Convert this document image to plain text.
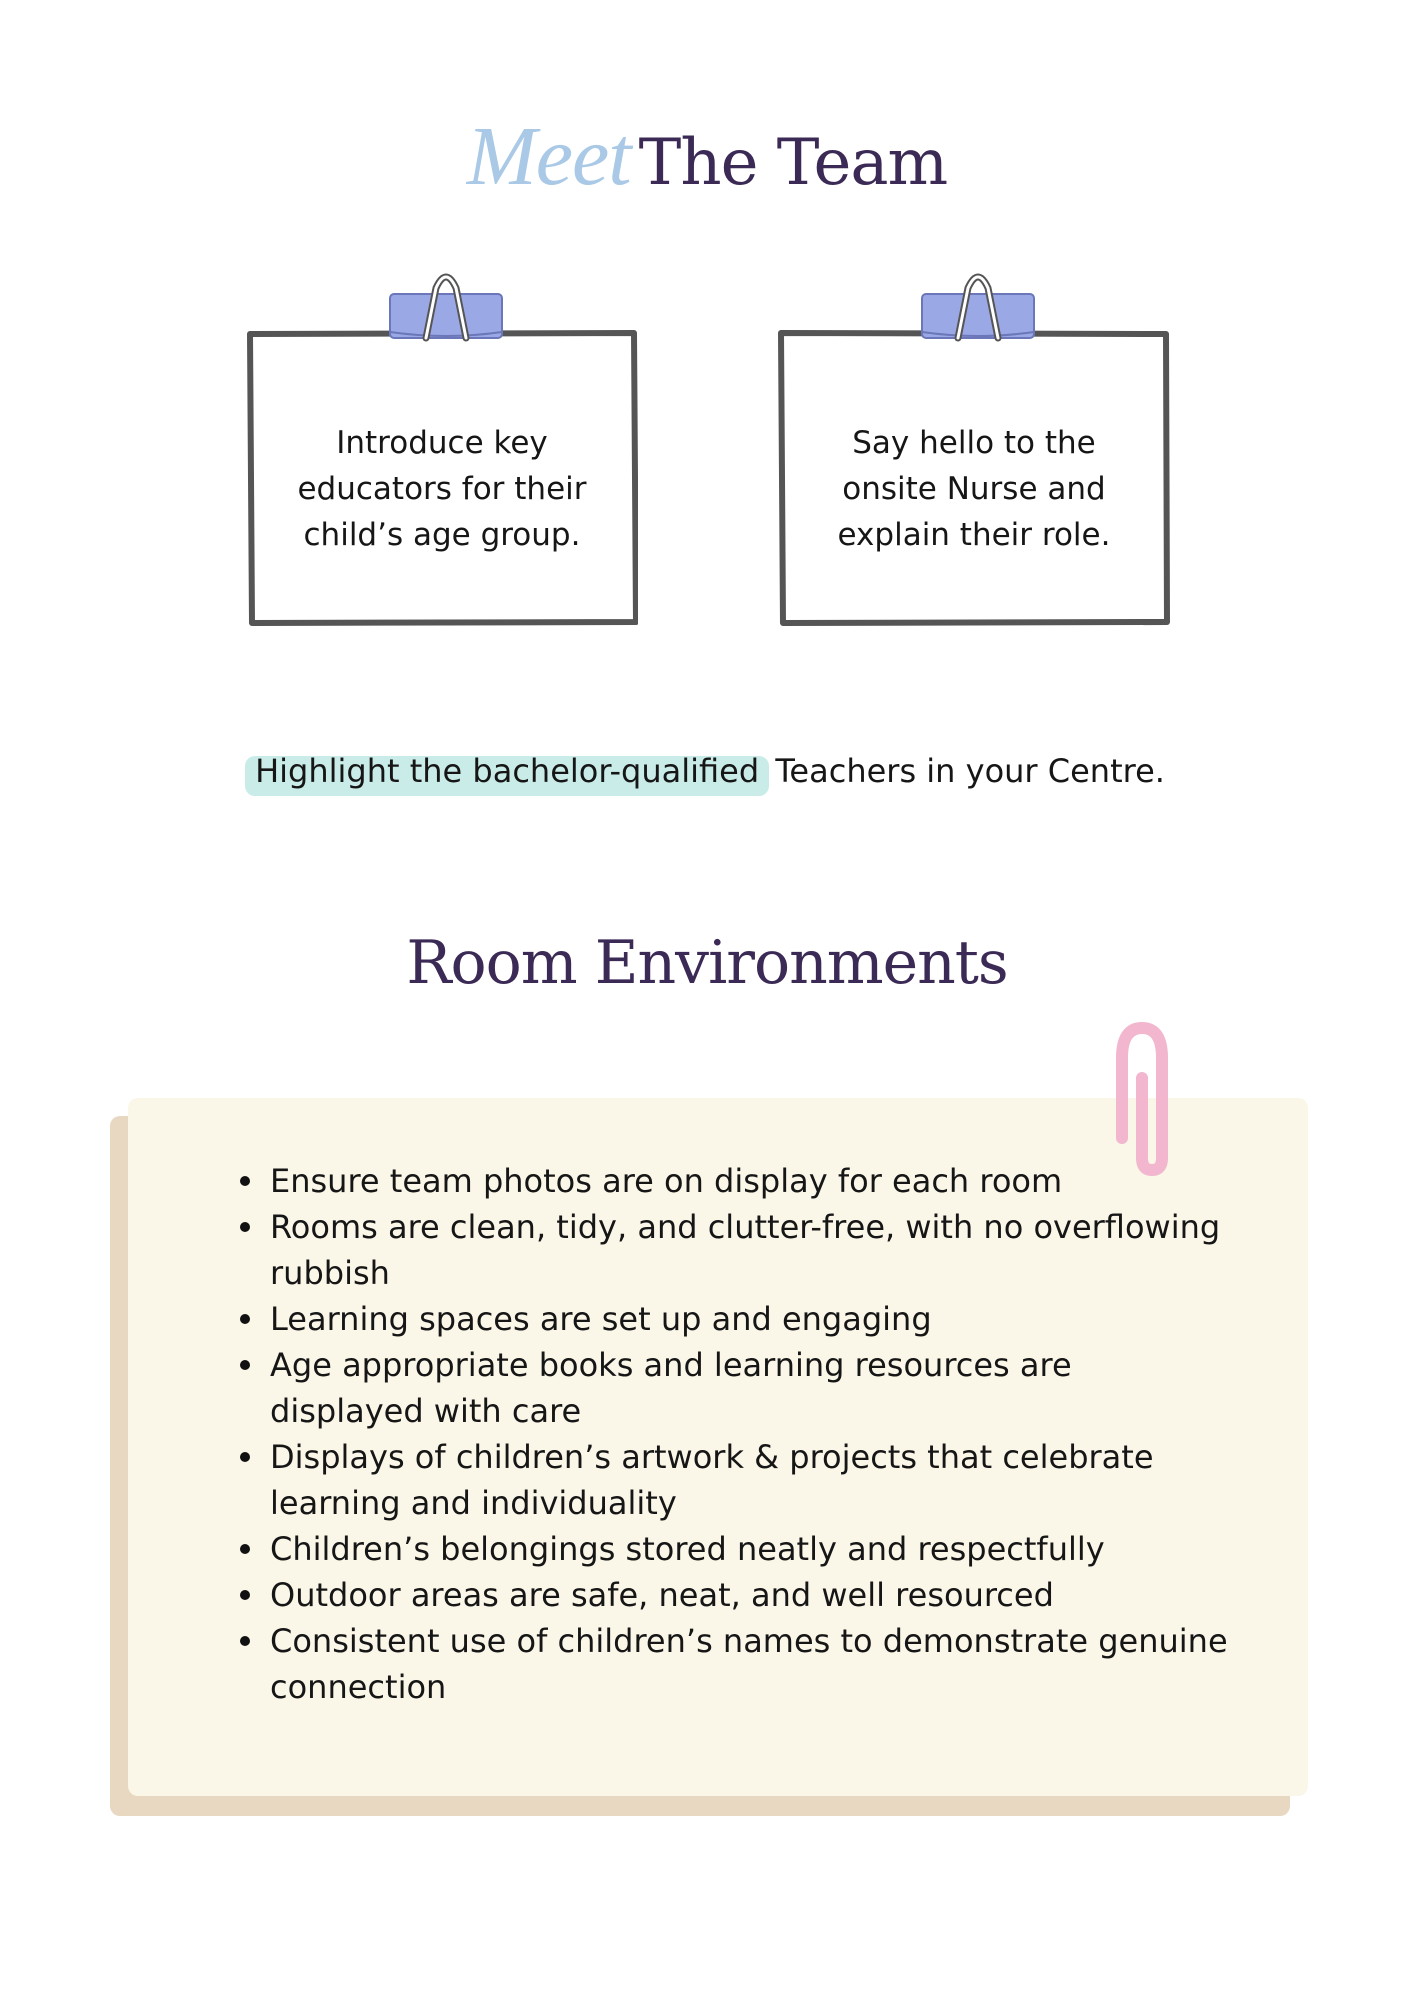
Meet The Team
Introduce key educators for their child’s age group.
Say hello to the onsite Nurse and explain their role.
Highlight the bachelor-qualified Teachers in your Centre.
Room Environments
Ensure team photos are on display for each room
Rooms are clean, tidy, and clutter-free, with no overflowing rubbish
Learning spaces are set up and engaging
Age appropriate books and learning resources are displayed with care
Displays of children’s artwork & projects that celebrate learning and individuality
Children’s belongings stored neatly and respectfully
Outdoor areas are safe, neat, and well resourced
Consistent use of children’s names to demonstrate genuine connection
